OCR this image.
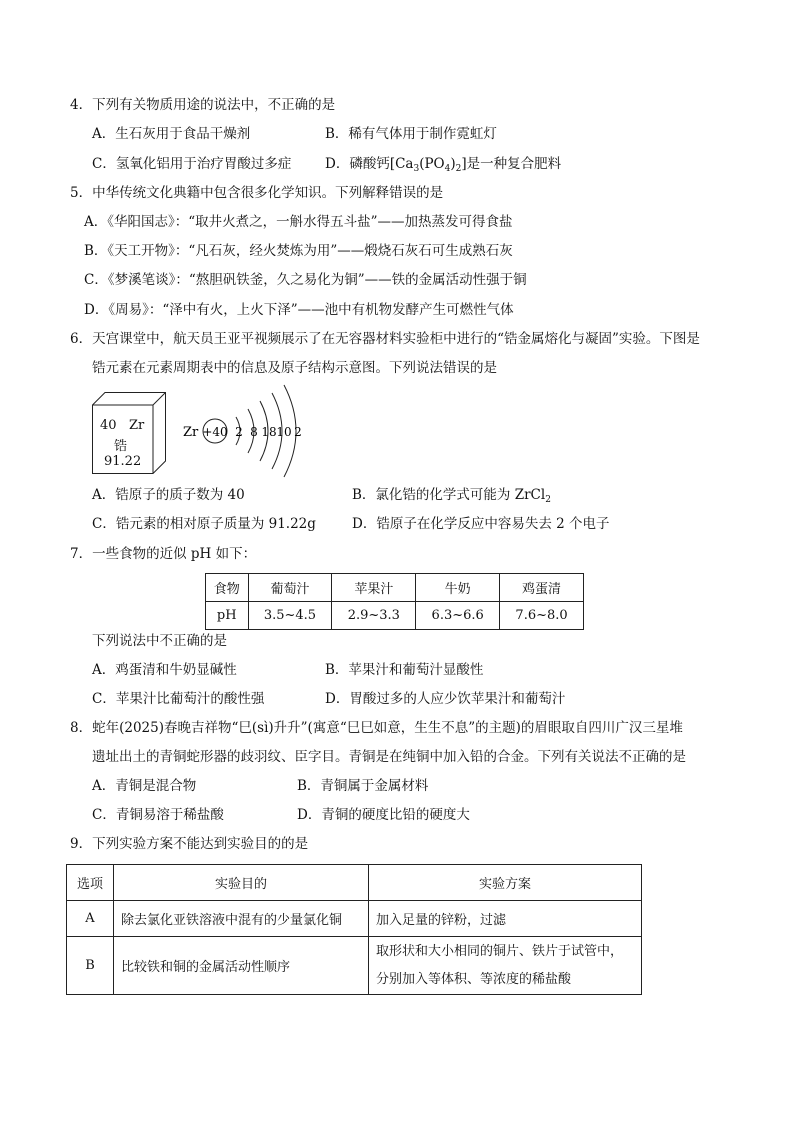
4．下列有关物质用途的说法中，不正确的是
A．生石灰用于食品干燥剂	B．稀有气体用于制作霓虹灯
C．氢氧化铝用于治疗胃酸过多症 D．磷酸钙$[Ca_3(PO_4)_2]$是一种复合肥料
5．中华传统文化典籍中包含很多化学知识。下列解释错误的是
A．《华阳国志》：“取井火煮之，一斛水得五斗盐”——加热蒸发可得食盐
B．《天工开物》：“凡石灰，经火焚炼为用”——煅烧石灰石可生成熟石灰
C．《梦溪笔谈》：“熬胆矾铁釜，久之易化为铜”——铁的金属活动性强于铜
D．《周易》：“泽中有火，上火下泽”——池中有机物发酵产生可燃性气体
6．天宫课堂中，航天员王亚平视频展示了在无容器材料实验柜中进行的“锆金属熔化与凝固”实验。下图是
锆元素在元素周期表中的信息及原子结构示意图。下列说法错误的是
40 Zr
锆
91.22
Zr +40 2 8 18 10 2
A．锆原子的质子数为 40	B．氯化锆的化学式可能为 ZrCl$_2$
C．锆元素的相对原子质量为 91.22g	D．锆原子在化学反应中容易失去 2 个电子
7．一些食物的近似 pH 如下：
食物	葡萄汁	苹果汁	牛奶	鸡蛋清
pH	3.5~4.5	2.9~3.3	6.3~6.6	7.6~8.0
下列说法中不正确的是
A．鸡蛋清和牛奶显碱性	B．苹果汁和葡萄汁显酸性
C．苹果汁比葡萄汁的酸性强	D．胃酸过多的人应少饮苹果汁和葡萄汁
8．蛇年(2025)春晚吉祥物“巳(sì)升升”(寓意“巳巳如意，生生不息”的主题)的眉眼取自四川广汉三星堆
遗址出土的青铜蛇形器的歧羽纹、臣字目。青铜是在纯铜中加入铅的合金。下列有关说法不正确的是
A．青铜是混合物	B．青铜属于金属材料
C．青铜易溶于稀盐酸	D．青铜的硬度比铅的硬度大
9．下列实验方案不能达到实验目的的是
选项	实验目的	实验方案
A	除去氯化亚铁溶液中混有的少量氯化铜	加入足量的锌粉，过滤
B	比较铁和铜的金属活动性顺序	取形状和大小相同的铜片、铁片于试管中，
分别加入等体积、等浓度的稀盐酸
